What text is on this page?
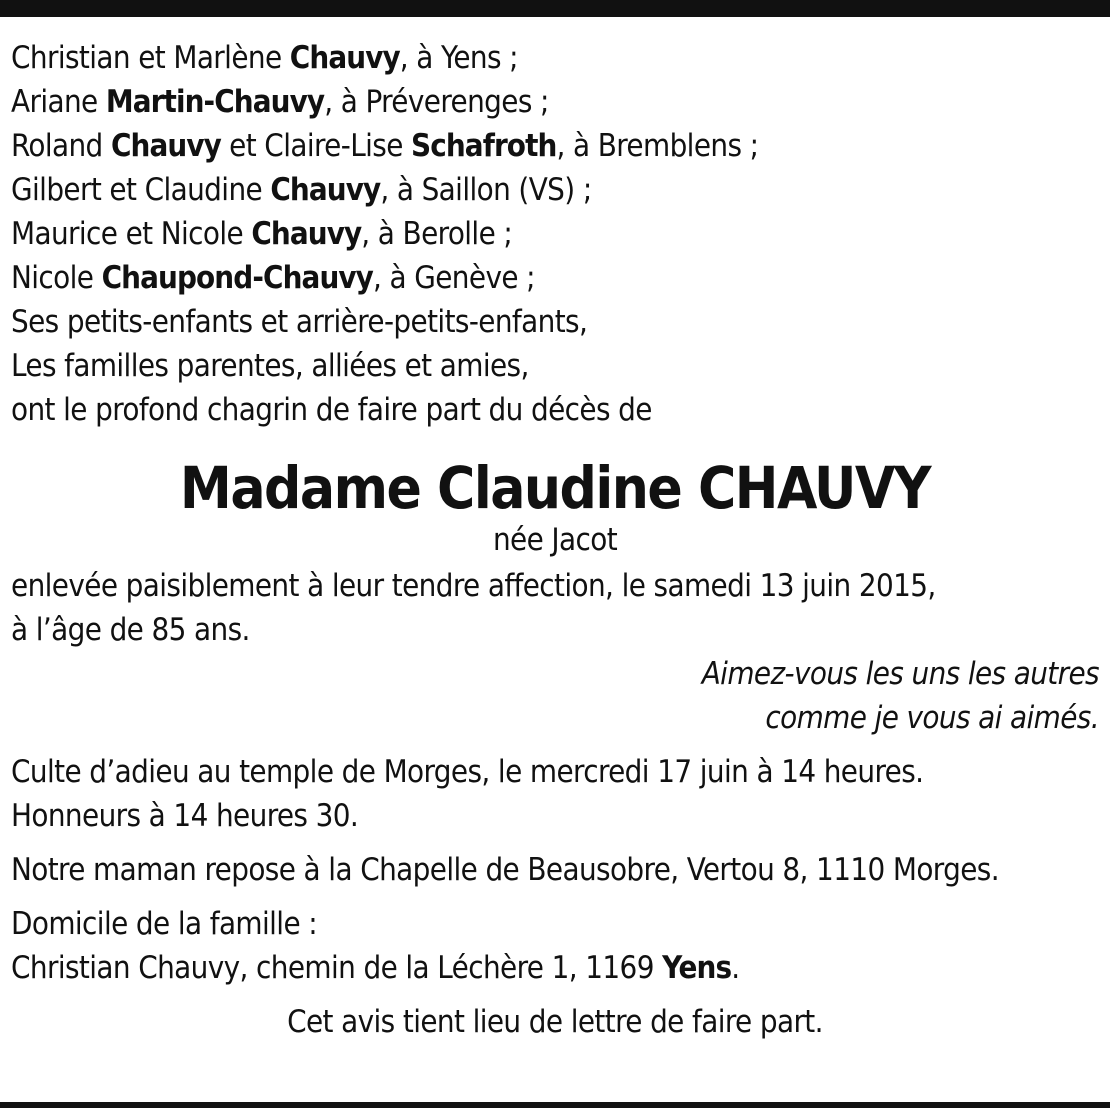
Christian et Marlène Chauvy, à Yens ;
Ariane Martin-Chauvy, à Préverenges ;
Roland Chauvy et Claire-Lise Schafroth, à Bremblens ;
Gilbert et Claudine Chauvy, à Saillon (VS) ;
Maurice et Nicole Chauvy, à Berolle ;
Nicole Chaupond-Chauvy, à Genève ;
Ses petits-enfants et arrière-petits-enfants,
Les familles parentes, alliées et amies,
ont le profond chagrin de faire part du décès de
Madame Claudine CHAUVY
née Jacot
enlevée paisiblement à leur tendre affection, le samedi 13 juin 2015,
à l’âge de 85 ans.
Aimez-vous les uns les autres
comme je vous ai aimés.
Culte d’adieu au temple de Morges, le mercredi 17 juin à 14 heures.
Honneurs à 14 heures 30.
Notre maman repose à la Chapelle de Beausobre, Vertou 8, 1110 Morges.
Domicile de la famille :
Christian Chauvy, chemin de la Léchère 1, 1169 Yens.
Cet avis tient lieu de lettre de faire part.
